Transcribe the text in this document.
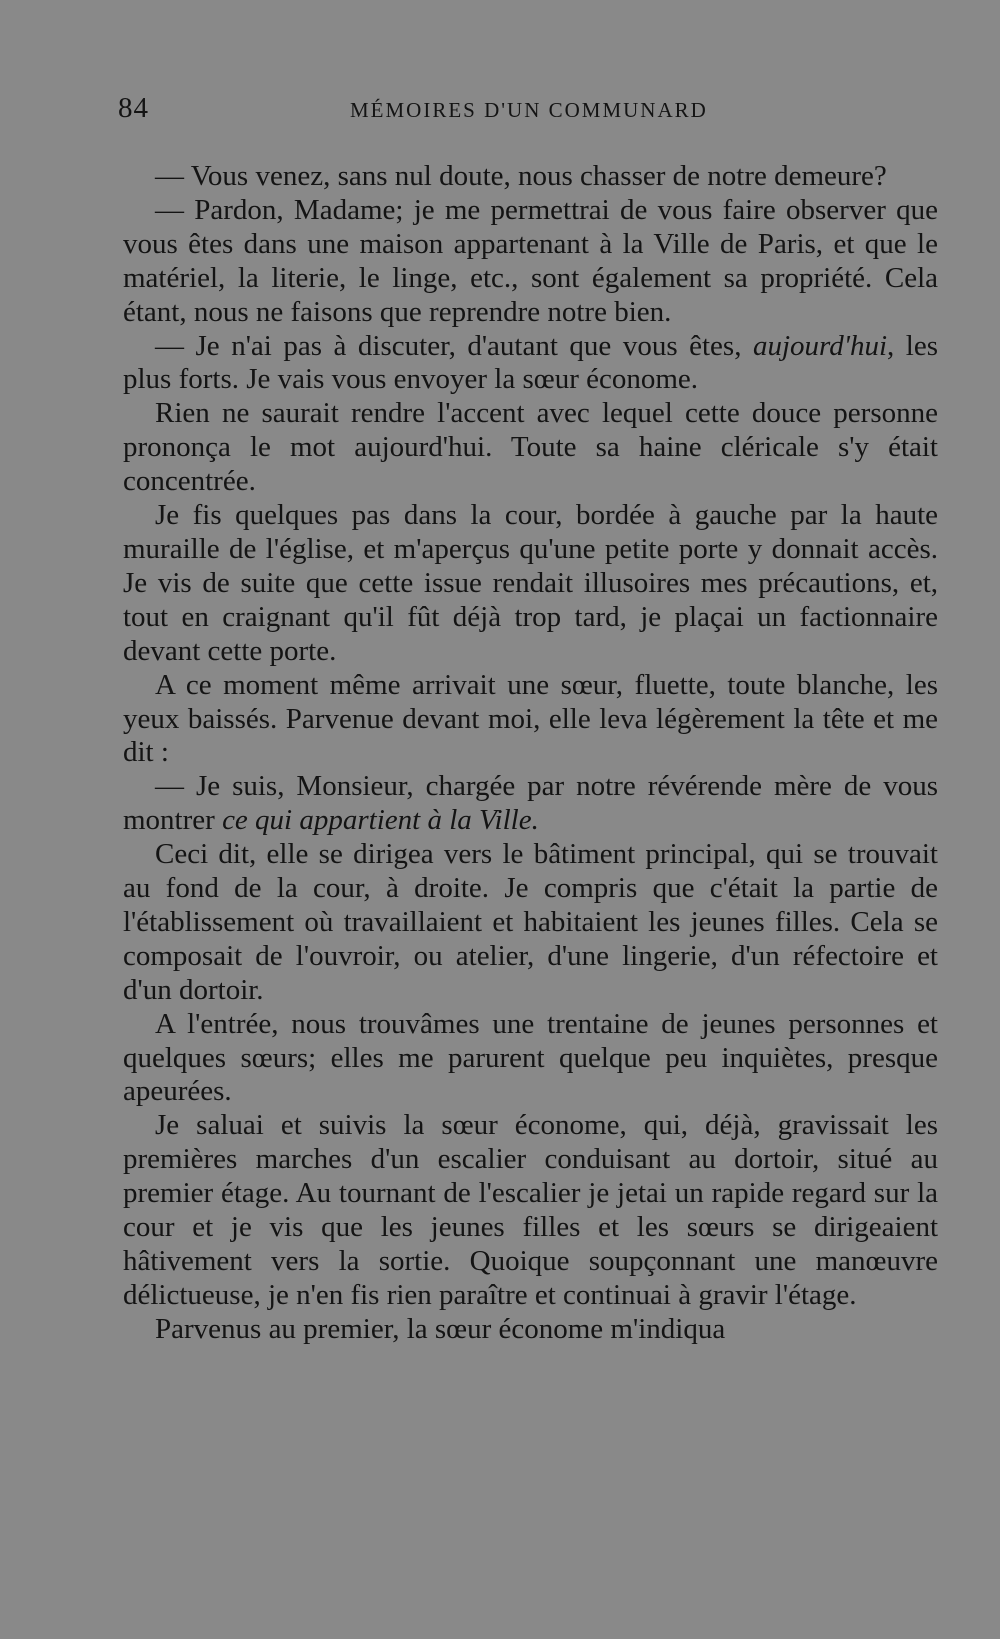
84	MÉMOIRES D'UN COMMUNARD

— Vous venez, sans nul doute, nous chasser de notre demeure?

— Pardon, Madame; je me permettrai de vous faire observer que vous êtes dans une maison appartenant à la Ville de Paris, et que le matériel, la literie, le linge, etc., sont également sa propriété. Cela étant, nous ne faisons que reprendre notre bien.

— Je n'ai pas à discuter, d'autant que vous êtes, aujourd'hui, les plus forts. Je vais vous envoyer la sœur économe.

Rien ne saurait rendre l'accent avec lequel cette douce personne prononça le mot aujourd'hui. Toute sa haine cléricale s'y était concentrée.

Je fis quelques pas dans la cour, bordée à gauche par la haute muraille de l'église, et m'aperçus qu'une petite porte y donnait accès. Je vis de suite que cette issue rendait illusoires mes précautions, et, tout en craignant qu'il fût déjà trop tard, je plaçai un factionnaire devant cette porte.

A ce moment même arrivait une sœur, fluette, toute blanche, les yeux baissés. Parvenue devant moi, elle leva légèrement la tête et me dit :

— Je suis, Monsieur, chargée par notre révérende mère de vous montrer ce qui appartient à la Ville.

Ceci dit, elle se dirigea vers le bâtiment principal, qui se trouvait au fond de la cour, à droite. Je compris que c'était la partie de l'établissement où travaillaient et habitaient les jeunes filles. Cela se composait de l'ouvroir, ou atelier, d'une lingerie, d'un réfectoire et d'un dortoir.

A l'entrée, nous trouvâmes une trentaine de jeunes personnes et quelques sœurs; elles me parurent quelque peu inquiètes, presque apeurées.

Je saluai et suivis la sœur économe, qui, déjà, gravissait les premières marches d'un escalier conduisant au dortoir, situé au premier étage. Au tournant de l'escalier je jetai un rapide regard sur la cour et je vis que les jeunes filles et les sœurs se dirigeaient hâtivement vers la sortie. Quoique soupçonnant une manœuvre délictueuse, je n'en fis rien paraître et continuai à gravir l'étage.

Parvenus au premier, la sœur économe m'indiqua
